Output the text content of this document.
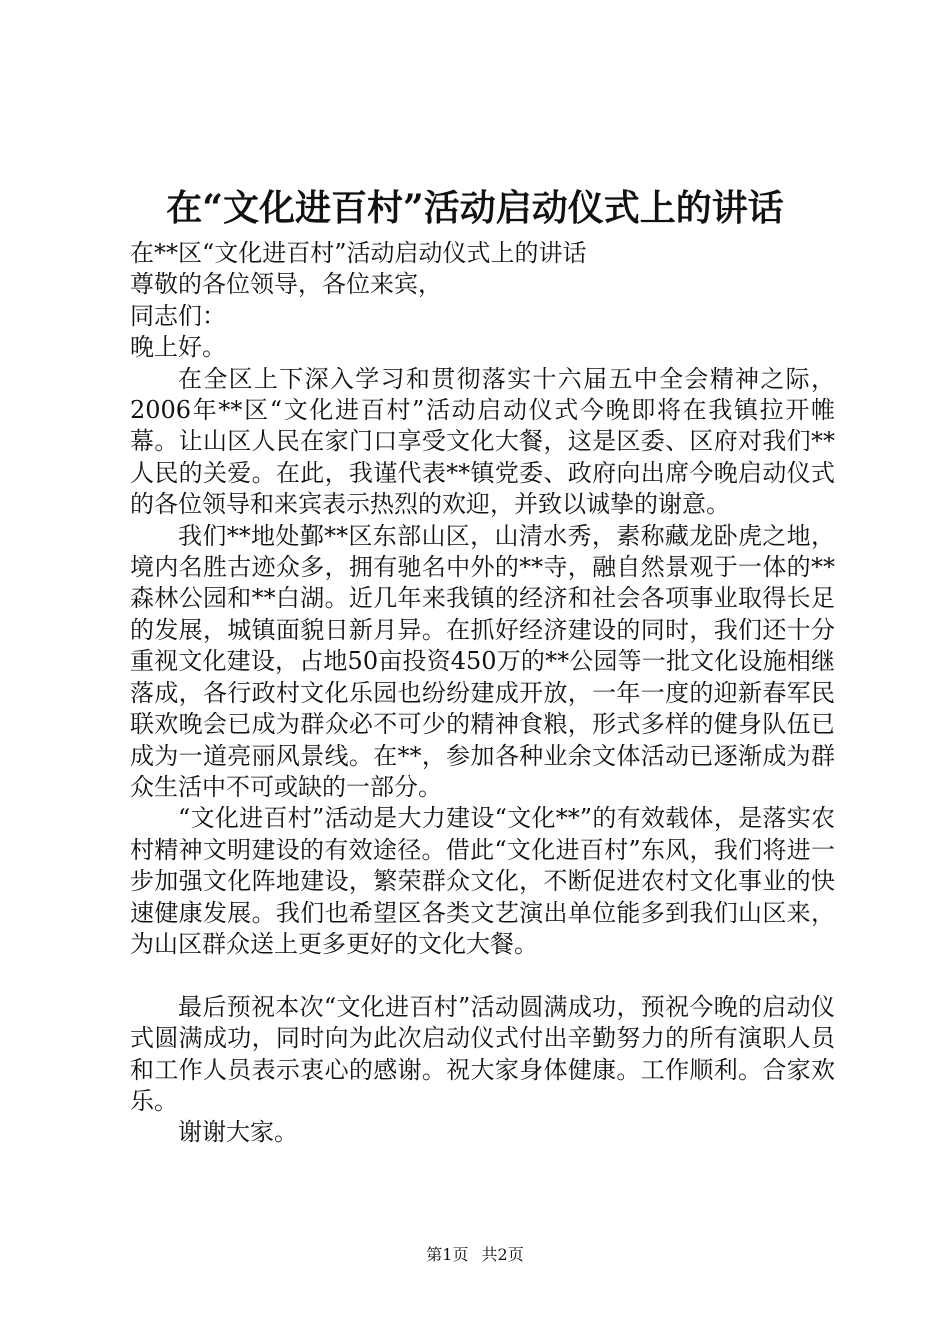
在“文化进百村”活动启动仪式上的讲话

在**区“文化进百村”活动启动仪式上的讲话

尊敬的各位领导，各位来宾，

同志们：

晚上好。

在全区上下深入学习和贯彻落实十六届五中全会精神之际，2006年**区“文化进百村”活动启动仪式今晚即将在我镇拉开帷幕。让山区人民在家门口享受文化大餐，这是区委、区府对我们**人民的关爱。在此，我谨代表**镇党委、政府向出席今晚启动仪式的各位领导和来宾表示热烈的欢迎，并致以诚挚的谢意。

我们**地处鄞**区东部山区，山清水秀，素称藏龙卧虎之地，境内名胜古迹众多，拥有驰名中外的**寺，融自然景观于一体的**森林公园和**白湖。近几年来我镇的经济和社会各项事业取得长足的发展，城镇面貌日新月异。在抓好经济建设的同时，我们还十分重视文化建设，占地50亩投资450万的**公园等一批文化设施相继落成，各行政村文化乐园也纷纷建成开放，一年一度的迎新春军民联欢晚会已成为群众必不可少的精神食粮，形式多样的健身队伍已成为一道亮丽风景线。在**，参加各种业余文体活动已逐渐成为群众生活中不可或缺的一部分。

“文化进百村”活动是大力建设“文化**”的有效载体，是落实农村精神文明建设的有效途径。借此“文化进百村”东风，我们将进一步加强文化阵地建设，繁荣群众文化，不断促进农村文化事业的快速健康发展。我们也希望区各类文艺演出单位能多到我们山区来，为山区群众送上更多更好的文化大餐。

最后预祝本次“文化进百村”活动圆满成功，预祝今晚的启动仪式圆满成功，同时向为此次启动仪式付出辛勤努力的所有演职人员和工作人员表示衷心的感谢。祝大家身体健康。工作顺利。合家欢乐。

谢谢大家。

第1页 共2页
